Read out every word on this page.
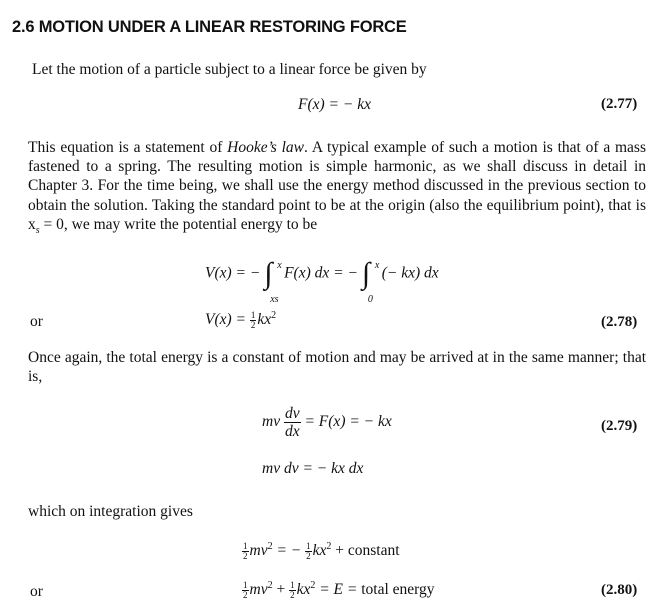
2.6 MOTION UNDER A LINEAR RESTORING FORCE
Let the motion of a particle subject to a linear force be given by
F(x) = − kx	(2.77)
This equation is a statement of Hooke’s law. A typical example of such a motion is that of a mass fastened to a spring. The resulting motion is simple harmonic, as we shall discuss in detail in Chapter 3. For the time being, we shall use the energy method discussed in the previous section to obtain the solution. Taking the standard point to be at the origin (also the equilibrium point), that is $x_s = 0$, we may write the potential energy to be
V(x) = − ∫ x
xs
F(x) dx = − ∫ x
0
(− kx) dx
or	$V(x) = \frac{1}{2} kx^2$	(2.78)
Once again, the total energy is a constant of motion and may be arrived at in the same manner; that is,
mv $\frac{dv}{dx} = F(x)$ = − kx	(2.79)
mv dv = − kx dx
which on integration gives
$\frac{1}{2} mv^2$ = − $\frac{1}{2} kx^2$ + constant
or	$\frac{1}{2} mv^2 + \frac{1}{2} kx^2 = E$ = total energy	(2.80)
